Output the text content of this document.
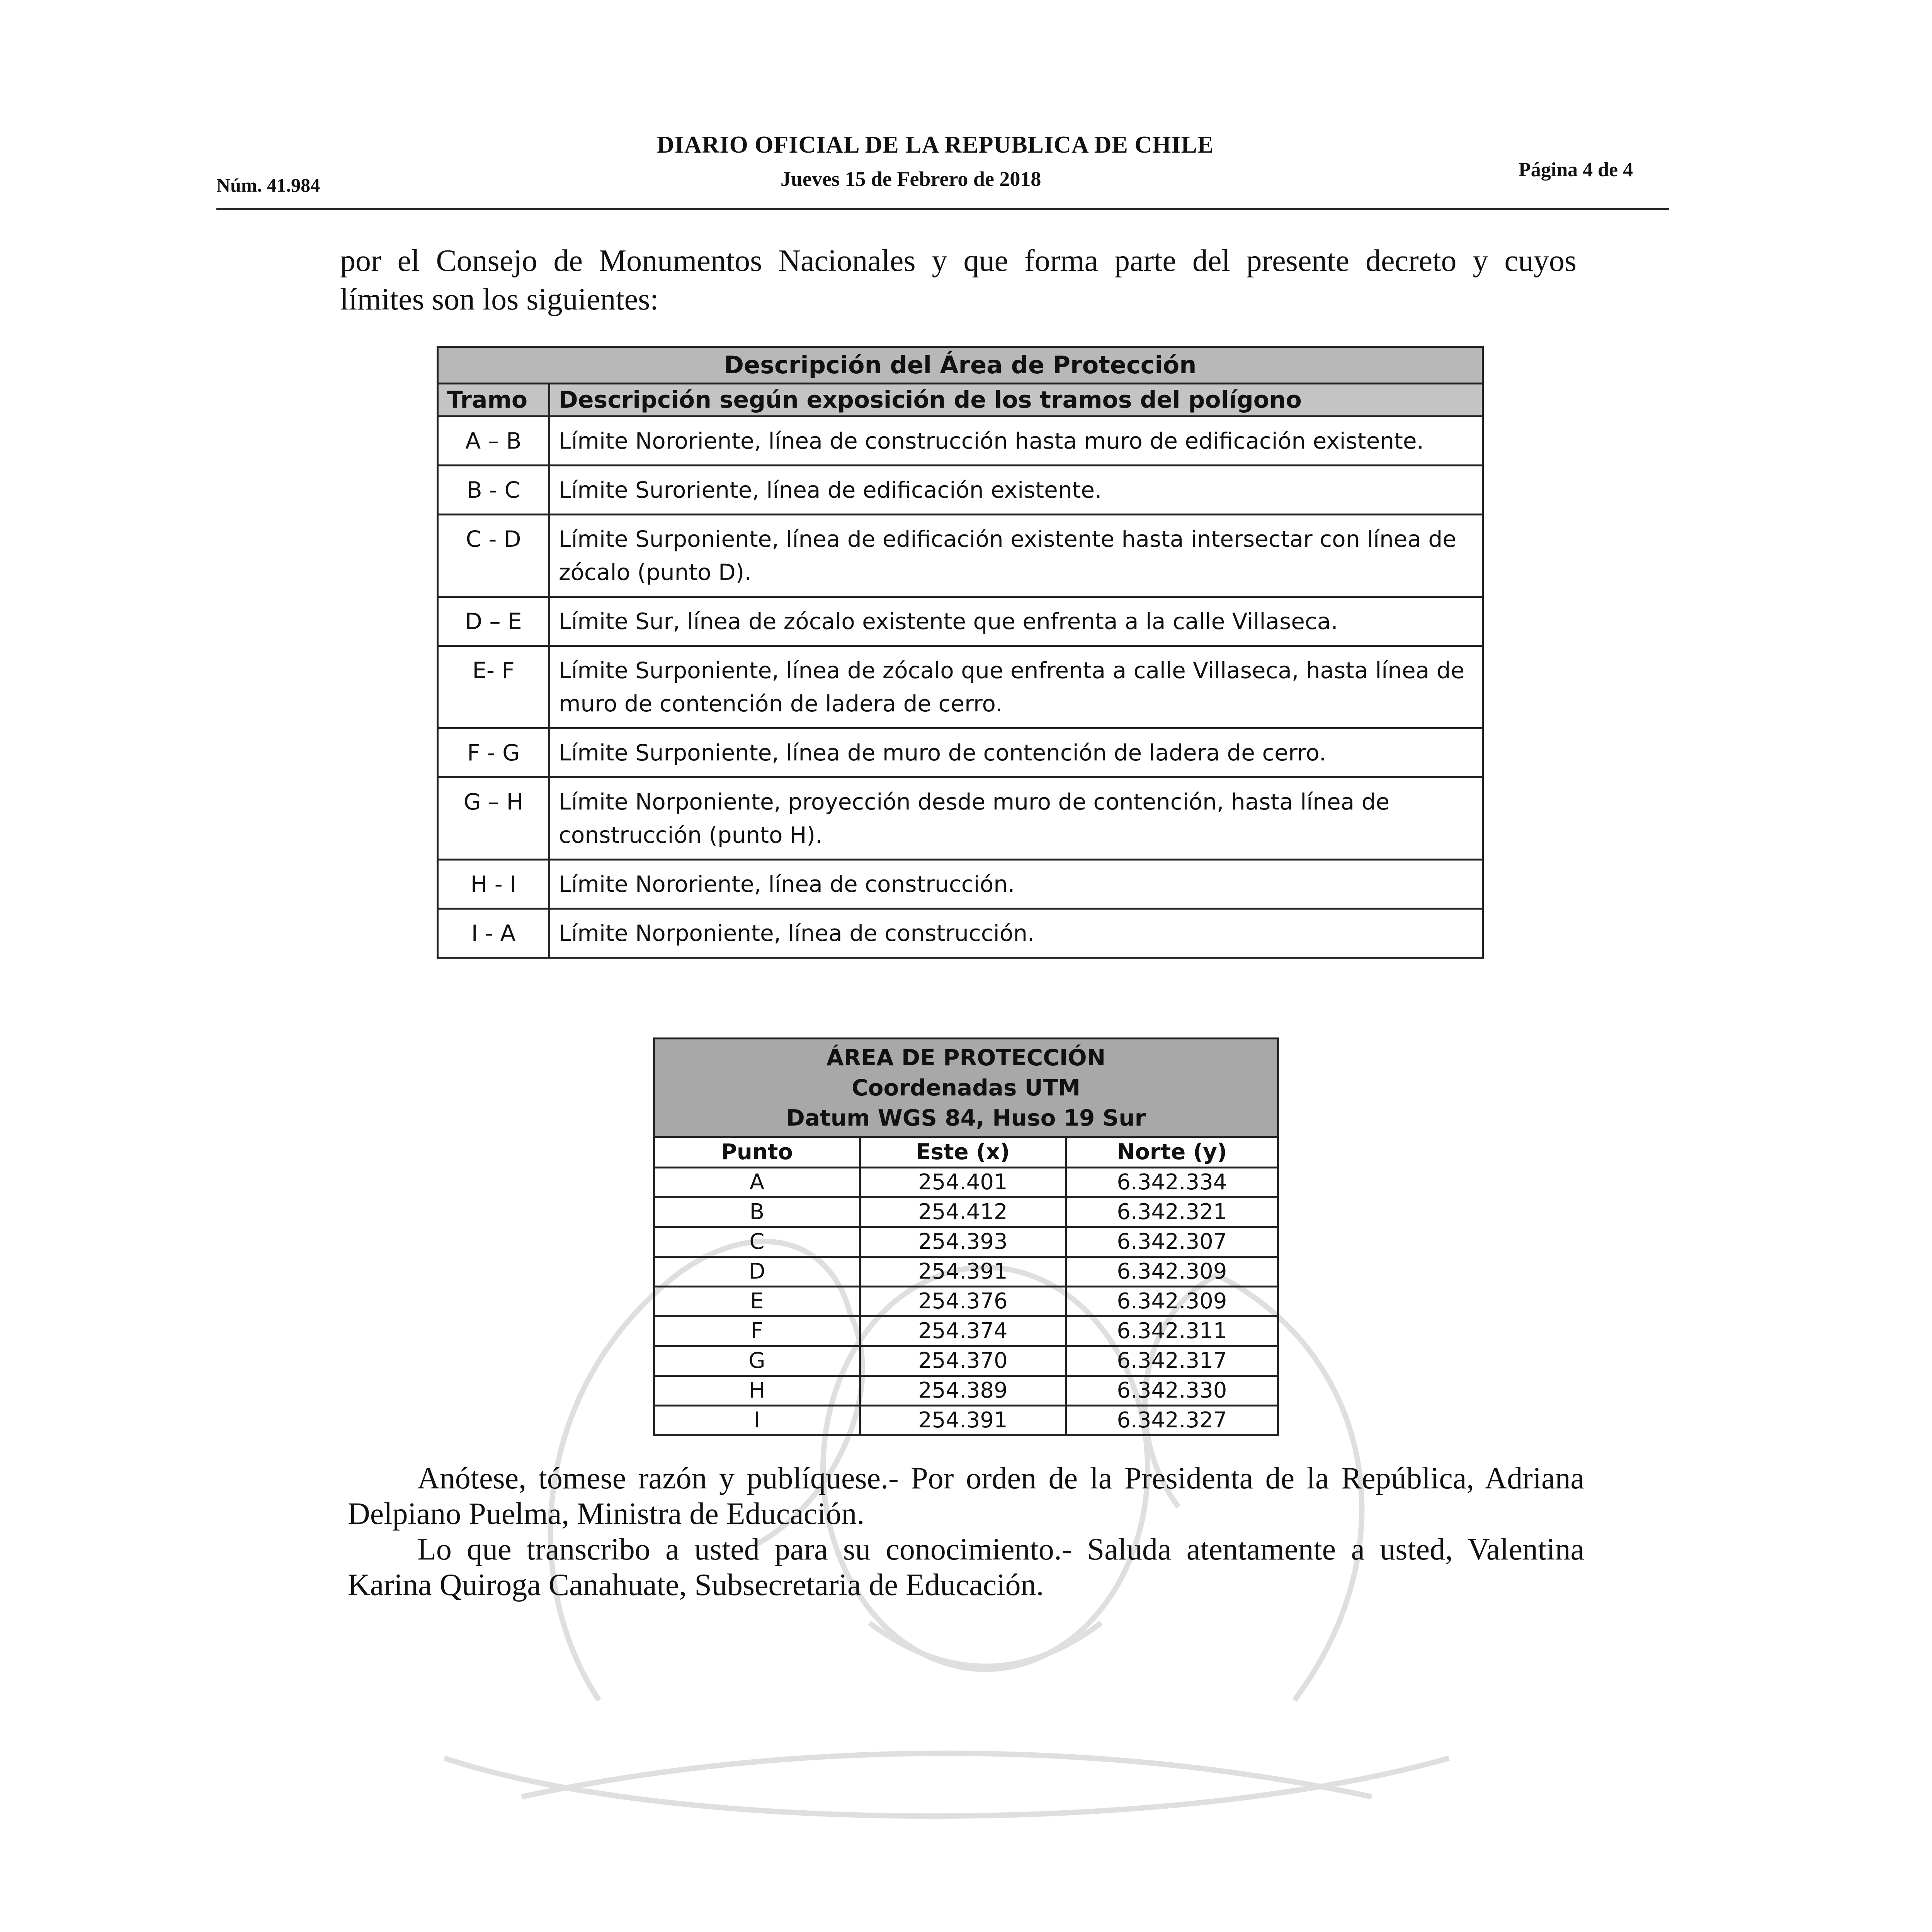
Núm. 41.984
DIARIO OFICIAL DE LA REPUBLICA DE CHILE
Jueves 15 de Febrero de 2018	Página 4 de 4
por el Consejo de Monumentos Nacionales y que forma parte del presente decreto y cuyos
límites son los siguientes:
Descripción del Área de Protección	
Tramo	Descripción según exposición de los tramos del polígono
A – B	Límite Nororiente, línea de construcción hasta muro de edificación existente.
B - C	Límite Suroriente, línea de edificación existente.
C - D	Límite Surponiente, línea de edificación existente hasta intersectar con línea de zócalo (punto D).
D – E	Límite Sur, línea de zócalo existente que enfrenta a la calle Villaseca.
E- F	Límite Surponiente, línea de zócalo que enfrenta a calle Villaseca, hasta línea de muro de contención de ladera de cerro.
F - G	Límite Surponiente, línea de muro de contención de ladera de cerro.
G – H	Límite Norponiente, proyección desde muro de contención, hasta línea de construcción (punto H).
H - I	Límite Nororiente, línea de construcción.
I - A	Límite Norponiente, línea de construcción.
ÁREA DE PROTECCIÓN
Coordenadas UTM
Datum WGS 84, Huso 19 Sur		

Punto	Este (x)	Norte (y)
A	254.401	6.342.334
B	254.412	6.342.321
C	254.393	6.342.307
D	254.391	6.342.309
E	254.376	6.342.309
F	254.374	6.342.311
G	254.370	6.342.317
H	254.389	6.342.330
I	254.391	6.342.327

Anótese, tómese razón y publíquese.- Por orden de la Presidenta de la República, Adriana Delpiano Puelma, Ministra de Educación.

Lo que transcribo a usted para su conocimiento.- Saluda atentamente a usted, Valentina Karina Quiroga Canahuate, Subsecretaria de Educación.
